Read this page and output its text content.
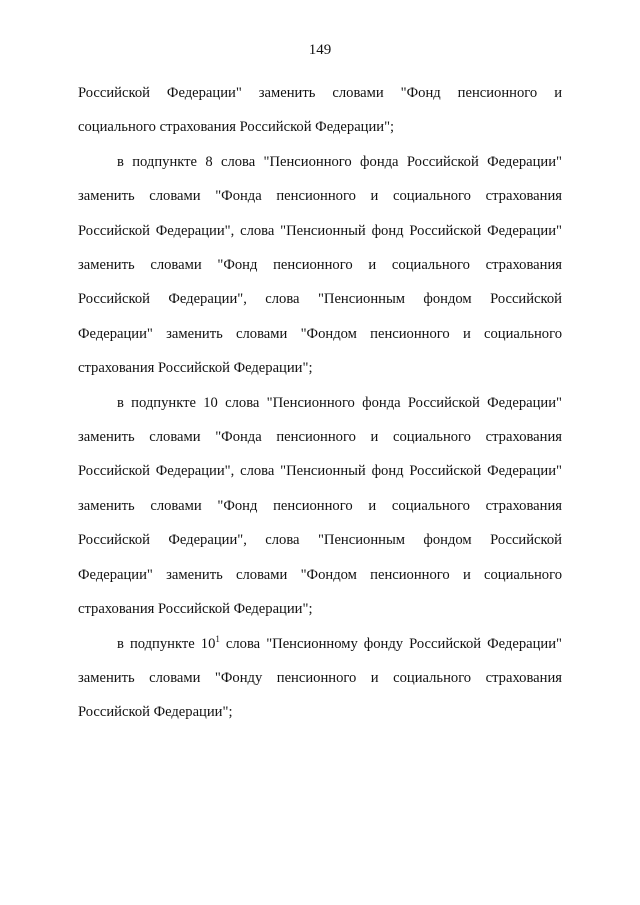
149

Российской Федерации" заменить словами "Фонд пенсионного и социального страхования Российской Федерации";

в подпункте 8 слова "Пенсионного фонда Российской Федерации" заменить словами "Фонда пенсионного и социального страхования Российской Федерации", слова "Пенсионный фонд Российской Федерации" заменить словами "Фонд пенсионного и социального страхования Российской Федерации", слова "Пенсионным фондом Российской Федерации" заменить словами "Фондом пенсионного и социального страхования Российской Федерации";

в подпункте 10 слова "Пенсионного фонда Российской Федерации" заменить словами "Фонда пенсионного и социального страхования Российской Федерации", слова "Пенсионный фонд Российской Федерации" заменить словами "Фонд пенсионного и социального страхования Российской Федерации", слова "Пенсионным фондом Российской Федерации" заменить словами "Фондом пенсионного и социального страхования Российской Федерации";

в подпункте $10^1$ слова "Пенсионному фонду Российской Федерации" заменить словами "Фонду пенсионного и социального страхования Российской Федерации";
